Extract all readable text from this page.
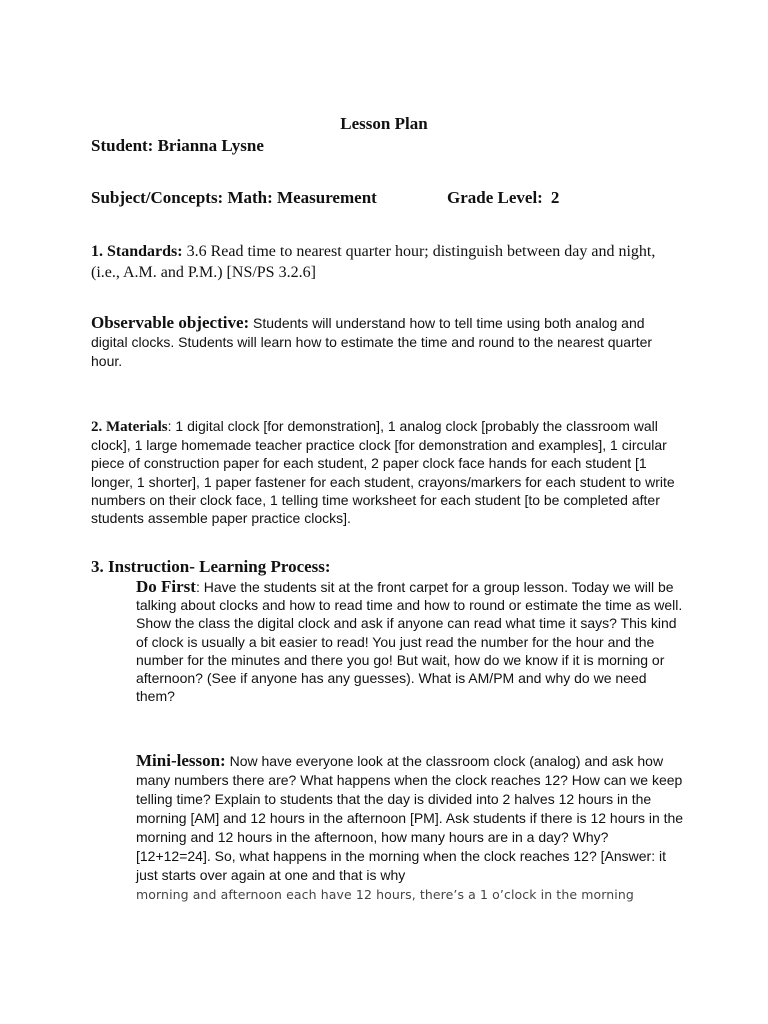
Lesson Plan
Student: Brianna Lysne
Subject/Concepts: Math: Measurement	Grade Level: 2
1. Standards: 3.6 Read time to nearest quarter hour; distinguish between day and night, (i.e., A.M. and P.M.) [NS/PS 3.2.6]
Observable objective: Students will understand how to tell time using both analog and digital clocks. Students will learn how to estimate the time and round to the nearest quarter hour.
2. Materials: 1 digital clock [for demonstration], 1 analog clock [probably the classroom wall clock], 1 large homemade teacher practice clock [for demonstration and examples], 1 circular piece of construction paper for each student, 2 paper clock face hands for each student [1 longer, 1 shorter], 1 paper fastener for each student, crayons/markers for each student to write numbers on their clock face, 1 telling time worksheet for each student [to be completed after students assemble paper practice clocks].
3. Instruction- Learning Process:
Do First: Have the students sit at the front carpet for a group lesson. Today we will be talking about clocks and how to read time and how to round or estimate the time as well. Show the class the digital clock and ask if anyone can read what time it says? This kind of clock is usually a bit easier to read! You just read the number for the hour and the number for the minutes and there you go! But wait, how do we know if it is morning or afternoon? (See if anyone has any guesses). What is AM/PM and why do we need them?
Mini-lesson: Now have everyone look at the classroom clock (analog) and ask how many numbers there are? What happens when the clock reaches 12? How can we keep telling time? Explain to students that the day is divided into 2 halves 12 hours in the morning [AM] and 12 hours in the afternoon [PM]. Ask students if there is 12 hours in the morning and 12 hours in the afternoon, how many hours are in a day? Why? [12+12=24]. So, what happens in the morning when the clock reaches 12? [Answer: it just starts over again at one and that is why
morning and afternoon each have 12 hours, there’s a 1 o’clock in the morning
